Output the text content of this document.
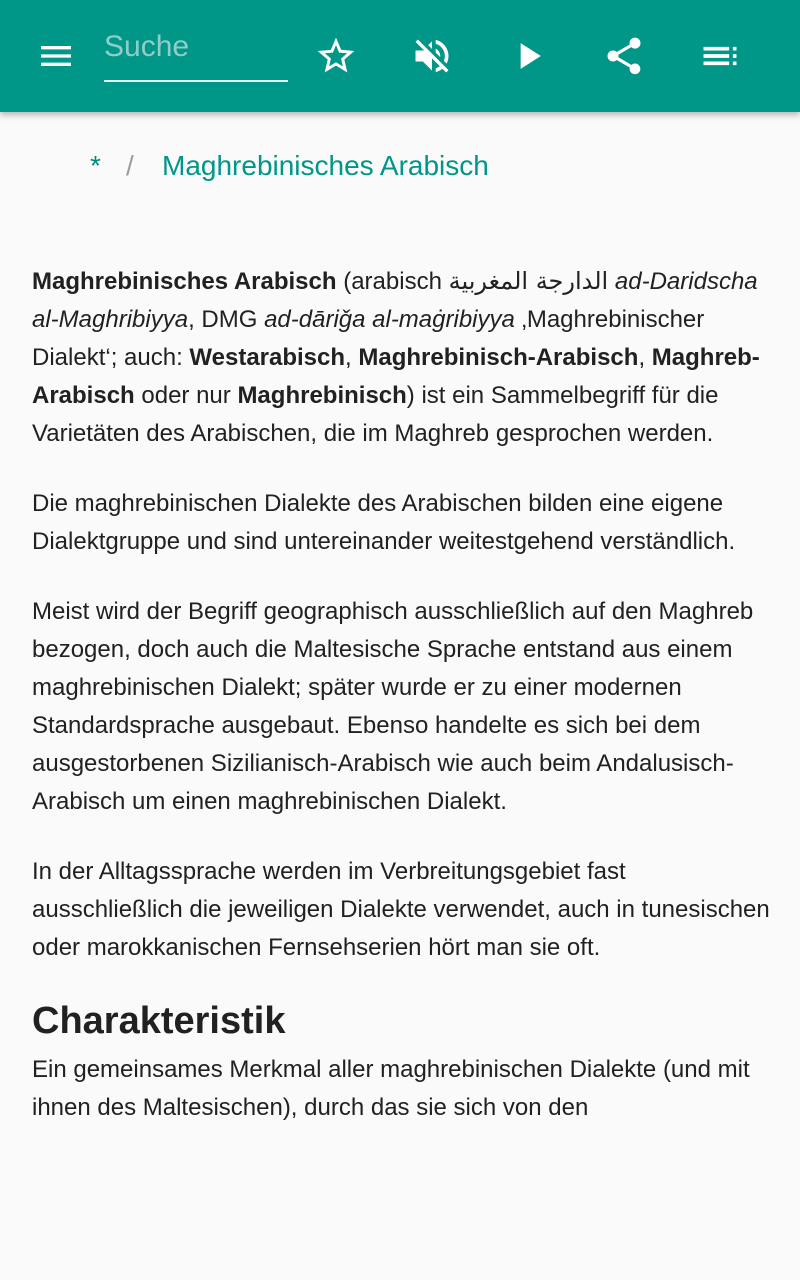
Suche
* / Maghrebinisches Arabisch

Maghrebinisches Arabisch (arabisch الدارجة المغربية ad-Daridscha al-Maghribiyya, DMG ad-dāriǧa al-maġribiyya ‚Maghrebinischer Dialekt‘; auch: Westarabisch, Maghrebinisch-Arabisch, Maghreb-Arabisch oder nur Maghrebinisch) ist ein Sammelbegriff für die Varietäten des Arabischen, die im Maghreb gesprochen werden.

Die maghrebinischen Dialekte des Arabischen bilden eine eigene Dialektgruppe und sind untereinander weitestgehend verständlich.

Meist wird der Begriff geographisch ausschließlich auf den Maghreb bezogen, doch auch die Maltesische Sprache entstand aus einem maghrebinischen Dialekt; später wurde er zu einer modernen Standardsprache ausgebaut. Ebenso handelte es sich bei dem ausgestorbenen Sizilianisch-Arabisch wie auch beim Andalusisch-Arabisch um einen maghrebinischen Dialekt.

In der Alltagssprache werden im Verbreitungsgebiet fast ausschließlich die jeweiligen Dialekte verwendet, auch in tunesischen oder marokkanischen Fernsehserien hört man sie oft.

Charakteristik

Ein gemeinsames Merkmal aller maghrebinischen Dialekte (und mit ihnen des Maltesischen), durch das sie sich von den
